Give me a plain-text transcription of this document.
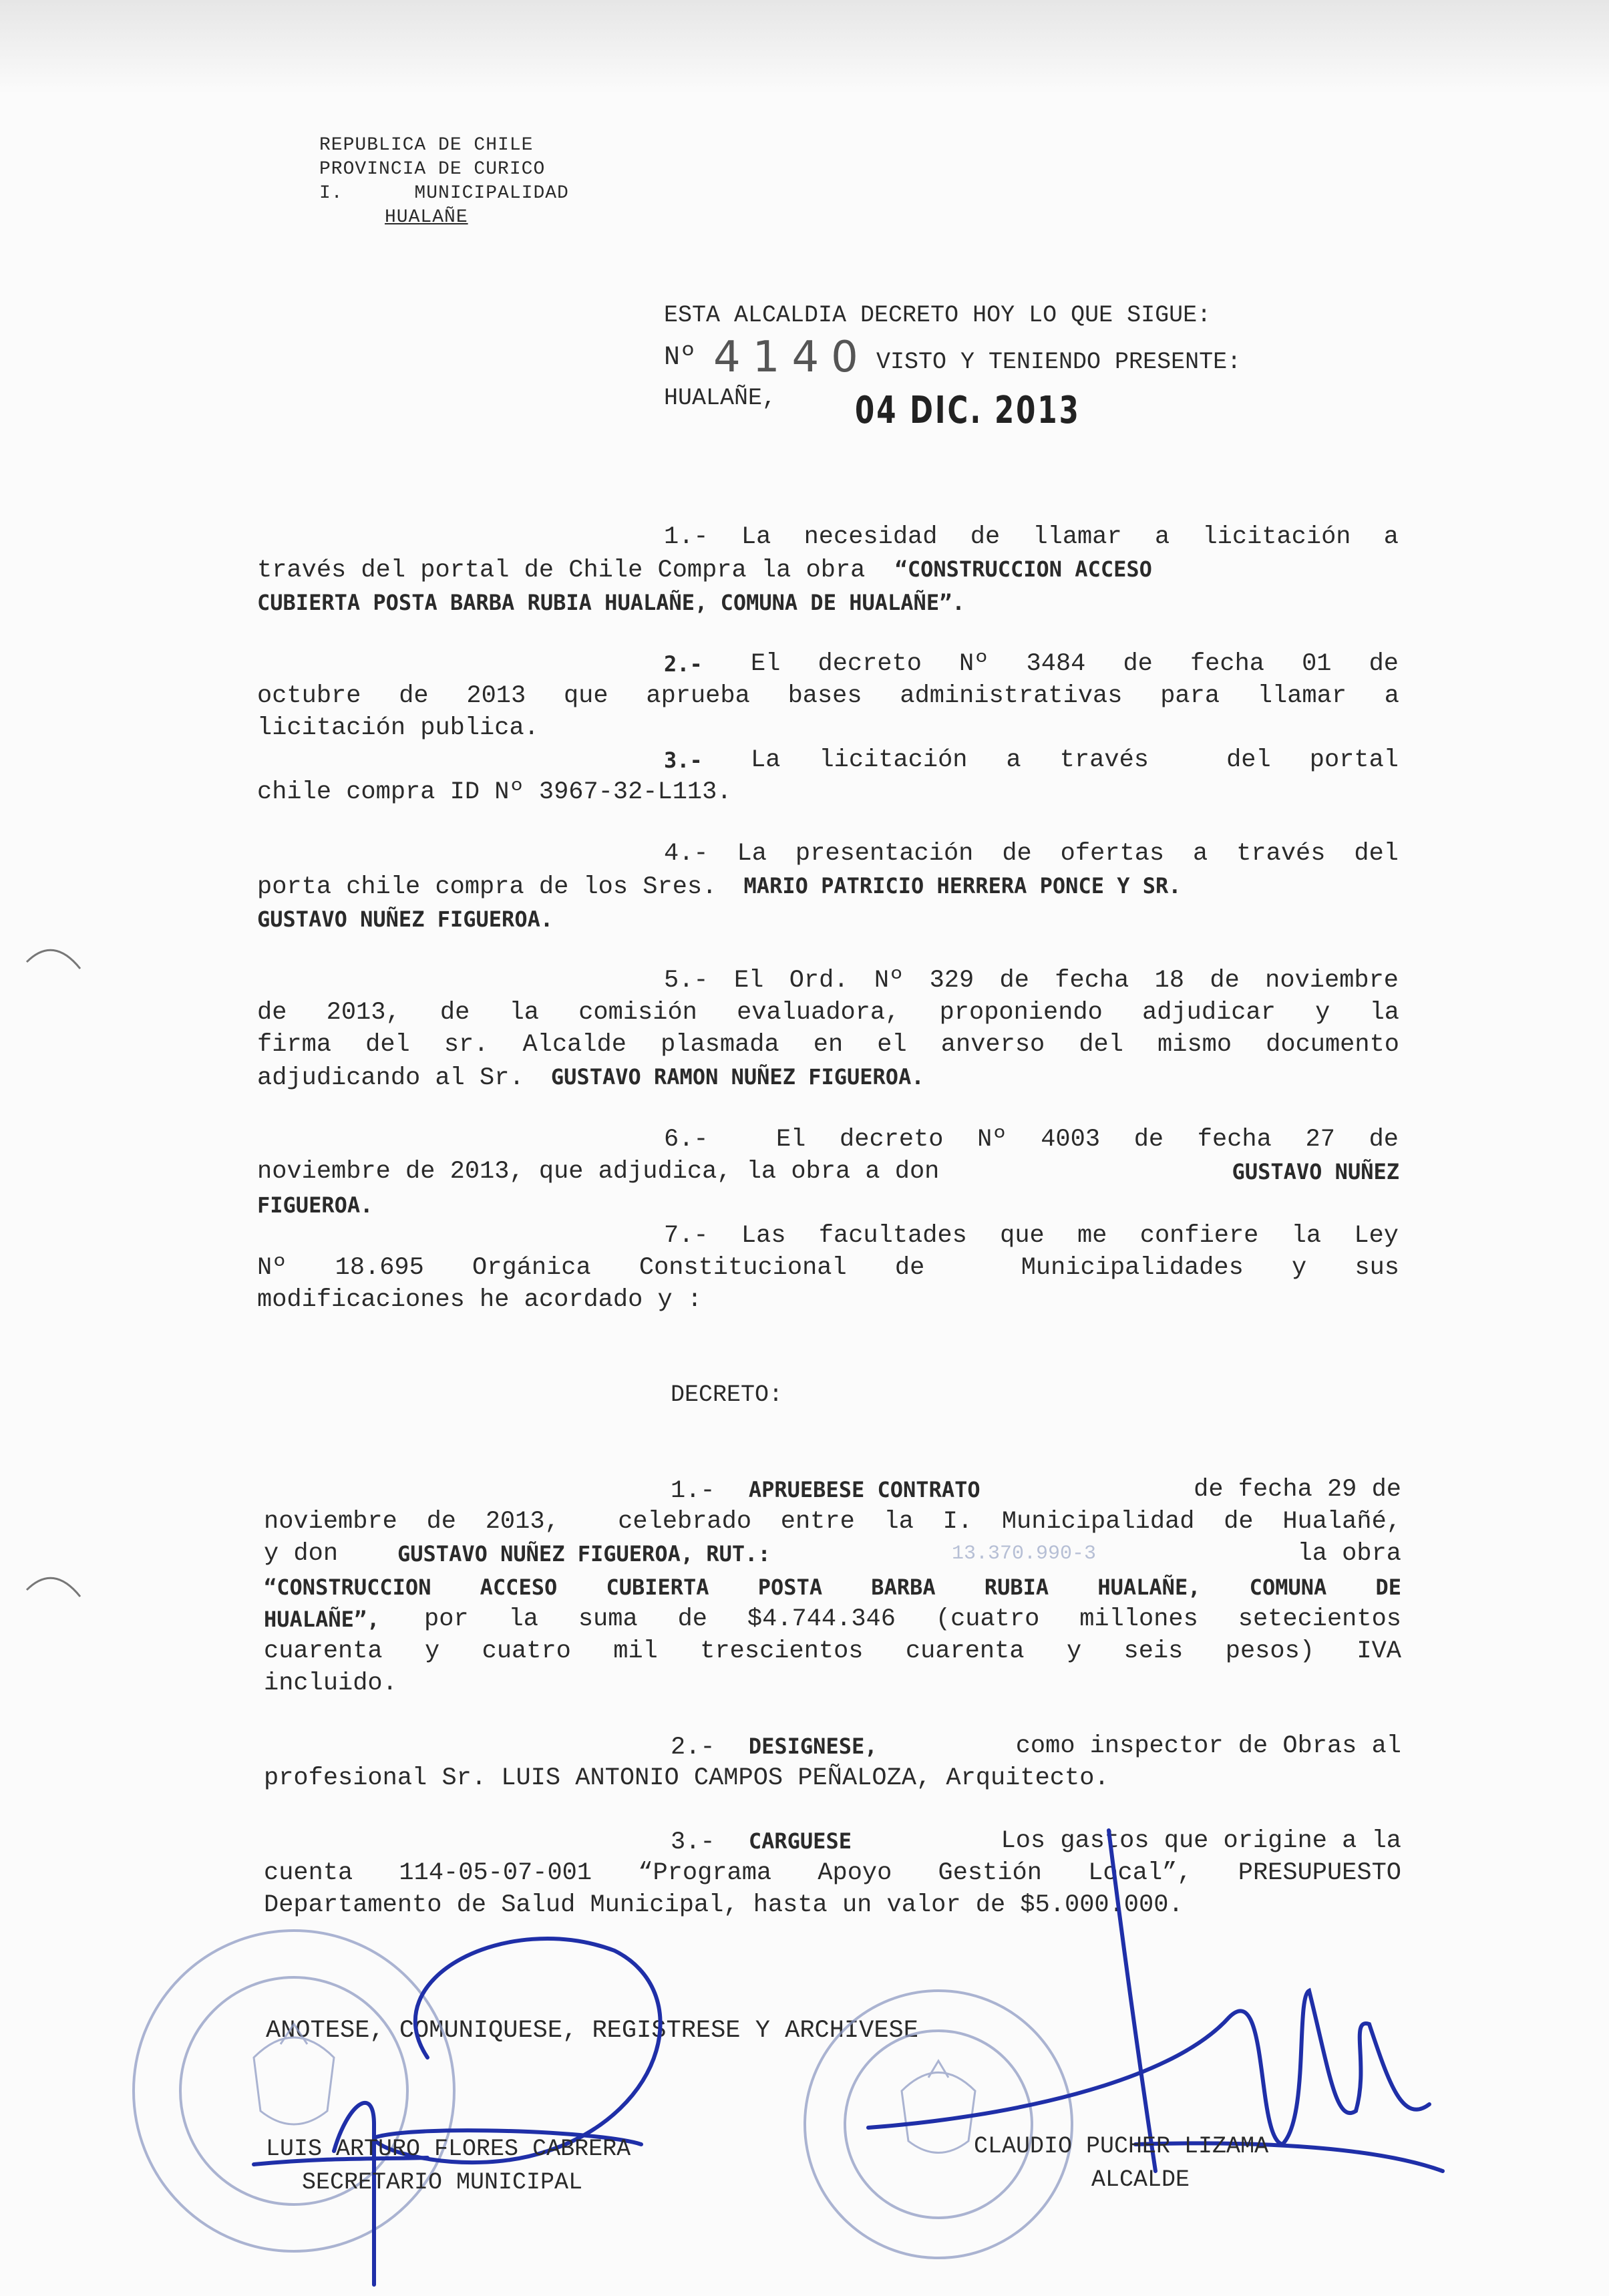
REPUBLICA DE CHILE
PROVINCIA DE CURICO
I.      MUNICIPALIDAD
HUALAÑE
ESTA ALCALDIA DECRETO HOY LO QUE SIGUE:
Nº 4140 VISTO Y TENIENDO PRESENTE:
HUALAÑE, 04 DIC. 2013
1.- La necesidad de llamar a licitación a
través del portal de Chile Compra la obra “CONSTRUCCION ACCESO
CUBIERTA POSTA BARBA RUBIA HUALAÑE, COMUNA DE HUALAÑE”.
2.- El decreto Nº 3484 de fecha 01 de
octubre de 2013 que aprueba bases administrativas para llamar a
licitación publica.
3.- La licitación a través  del portal
chile compra ID Nº 3967-32-L113.
4.- La presentación de ofertas a través del
porta chile compra de los Sres. MARIO PATRICIO HERRERA PONCE Y SR.
GUSTAVO NUÑEZ FIGUEROA.
5.- El Ord. Nº 329 de fecha 18 de noviembre
de 2013, de la comisión evaluadora, proponiendo adjudicar y la
firma del sr. Alcalde plasmada en el anverso del mismo documento
adjudicando al Sr. GUSTAVO RAMON NUÑEZ FIGUEROA.
6.-  El decreto Nº 4003 de fecha 27 de
noviembre de 2013, que adjudica, la obra a don	GUSTAVO NUÑEZ
FIGUEROA.
7.- Las facultades que me confiere la Ley
Nº 18.695 Orgánica Constitucional de  Municipalidades y sus
modificaciones he acordado y :
DECRETO:
1.- APRUEBESE CONTRATO	de fecha 29 de
noviembre de 2013,  celebrado entre la I. Municipalidad de Hualañé,
y don	GUSTAVO NUÑEZ FIGUEROA, RUT.:	13.370.990-3	la obra
“CONSTRUCCION ACCESO CUBIERTA POSTA BARBA RUBIA HUALAÑE, COMUNA DE
HUALAÑE”, por la suma de $4.744.346 (cuatro millones setecientos
cuarenta y cuatro mil trescientos cuarenta y seis pesos) IVA
incluido.
2.- DESIGNESE,	como inspector de Obras al
profesional Sr. LUIS ANTONIO CAMPOS PEÑALOZA, Arquitecto.
3.- CARGUESE	Los gastos que origine a la
cuenta 114-05-07-001 “Programa Apoyo Gestión Local”, PRESUPUESTO
Departamento de Salud Municipal, hasta un valor de $5.000.000.
ANOTESE, COMUNIQUESE, REGISTRESE Y ARCHIVESE
LUIS ARTURO FLORES CABRERA
SECRETARIO MUNICIPAL
CLAUDIO PUCHER LIZAMA
ALCALDE
